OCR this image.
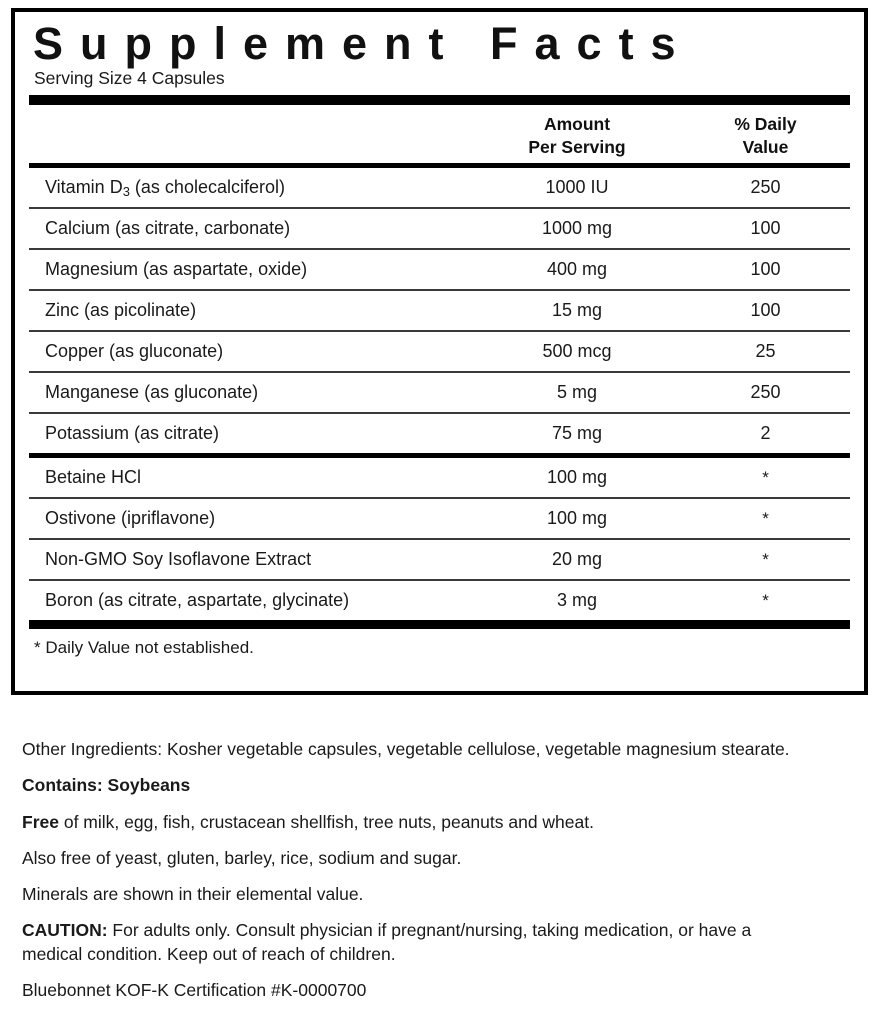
Supplement Facts
Serving Size 4 Capsules
Amount
Per Serving
% Daily
Value
Vitamin $D_3$ (as cholecalciferol)	1000 IU	250
Calcium (as citrate, carbonate)	1000 mg	100
Magnesium (as aspartate, oxide)	400 mg	100
Zinc (as picolinate)	15 mg	100
Copper (as gluconate)	500 mcg	25
Manganese (as gluconate)	5 mg	250
Potassium (as citrate)	75 mg	2
Betaine HCl	100 mg	*
Ostivone (ipriflavone)	100 mg	*
Non-GMO Soy Isoflavone Extract	20 mg	*
Boron (as citrate, aspartate, glycinate)	3 mg	*
* Daily Value not established.

Other Ingredients: Kosher vegetable capsules, vegetable cellulose, vegetable magnesium stearate.

Contains: Soybeans

Free of milk, egg, fish, crustacean shellfish, tree nuts, peanuts and wheat.

Also free of yeast, gluten, barley, rice, sodium and sugar.

Minerals are shown in their elemental value.

CAUTION: For adults only. Consult physician if pregnant/nursing, taking medication, or have a medical condition. Keep out of reach of children.

Bluebonnet KOF-K Certification #K-0000700
